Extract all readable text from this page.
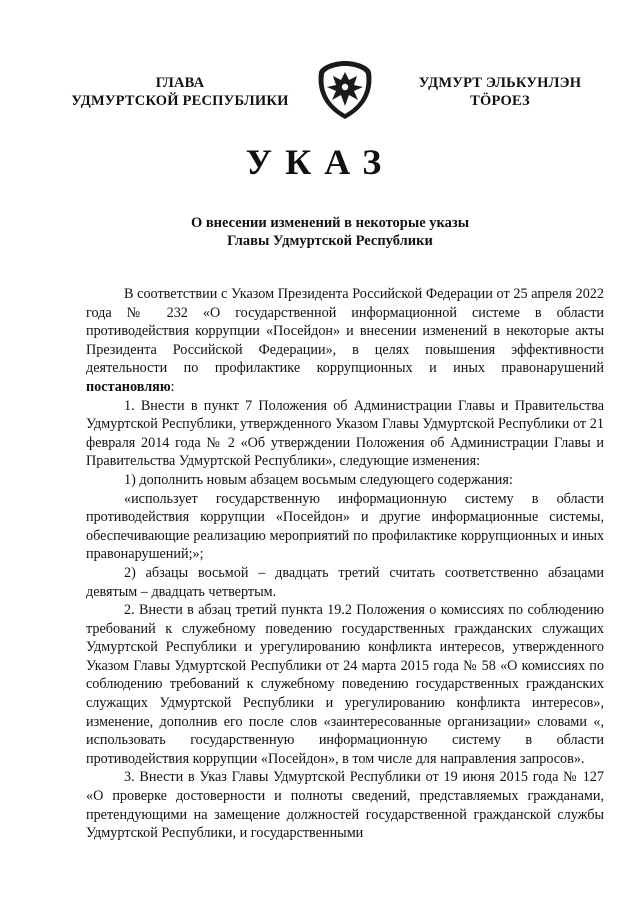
ГЛАВА
УДМУРТСКОЙ РЕСПУБЛИКИ
УДМУРТ ЭЛЬКУНЛЭН
ТӦРОЕЗ
УКАЗ
О внесении изменений в некоторые указы
Главы Удмуртской Республики

В соответствии с Указом Президента Российской Федерации от 25 апреля 2022 года № 232 «О государственной информационной системе в области противодействия коррупции «Посейдон» и внесении изменений в некоторые акты Президента Российской Федерации», в целях повышения эффективности деятельности по профилактике коррупционных и иных правонарушений постановляю:

1. Внести в пункт 7 Положения об Администрации Главы и Правительства Удмуртской Республики, утвержденного Указом Главы Удмуртской Республики от 21 февраля 2014 года № 2 «Об утверждении Положения об Администрации Главы и Правительства Удмуртской Республики», следующие изменения:

1) дополнить новым абзацем восьмым следующего содержания:

«использует государственную информационную систему в области противодействия коррупции «Посейдон» и другие информационные системы, обеспечивающие реализацию мероприятий по профилактике коррупционных и иных правонарушений;»;

2) абзацы восьмой – двадцать третий считать соответственно абзацами девятым – двадцать четвертым.

2. Внести в абзац третий пункта 19.2 Положения о комиссиях по соблюдению требований к служебному поведению государственных гражданских служащих Удмуртской Республики и урегулированию конфликта интересов, утвержденного Указом Главы Удмуртской Республики от 24 марта 2015 года № 58 «О комиссиях по соблюдению требований к служебному поведению государственных гражданских служащих Удмуртской Республики и урегулированию конфликта интересов», изменение, дополнив его после слов «заинтересованные организации» словами «, использовать государственную информационную систему в области противодействия коррупции «Посейдон», в том числе для направления запросов».

3. Внести в Указ Главы Удмуртской Республики от 19 июня 2015 года № 127 «О проверке достоверности и полноты сведений, представляемых гражданами, претендующими на замещение должностей государственной гражданской службы Удмуртской Республики, и государственными
